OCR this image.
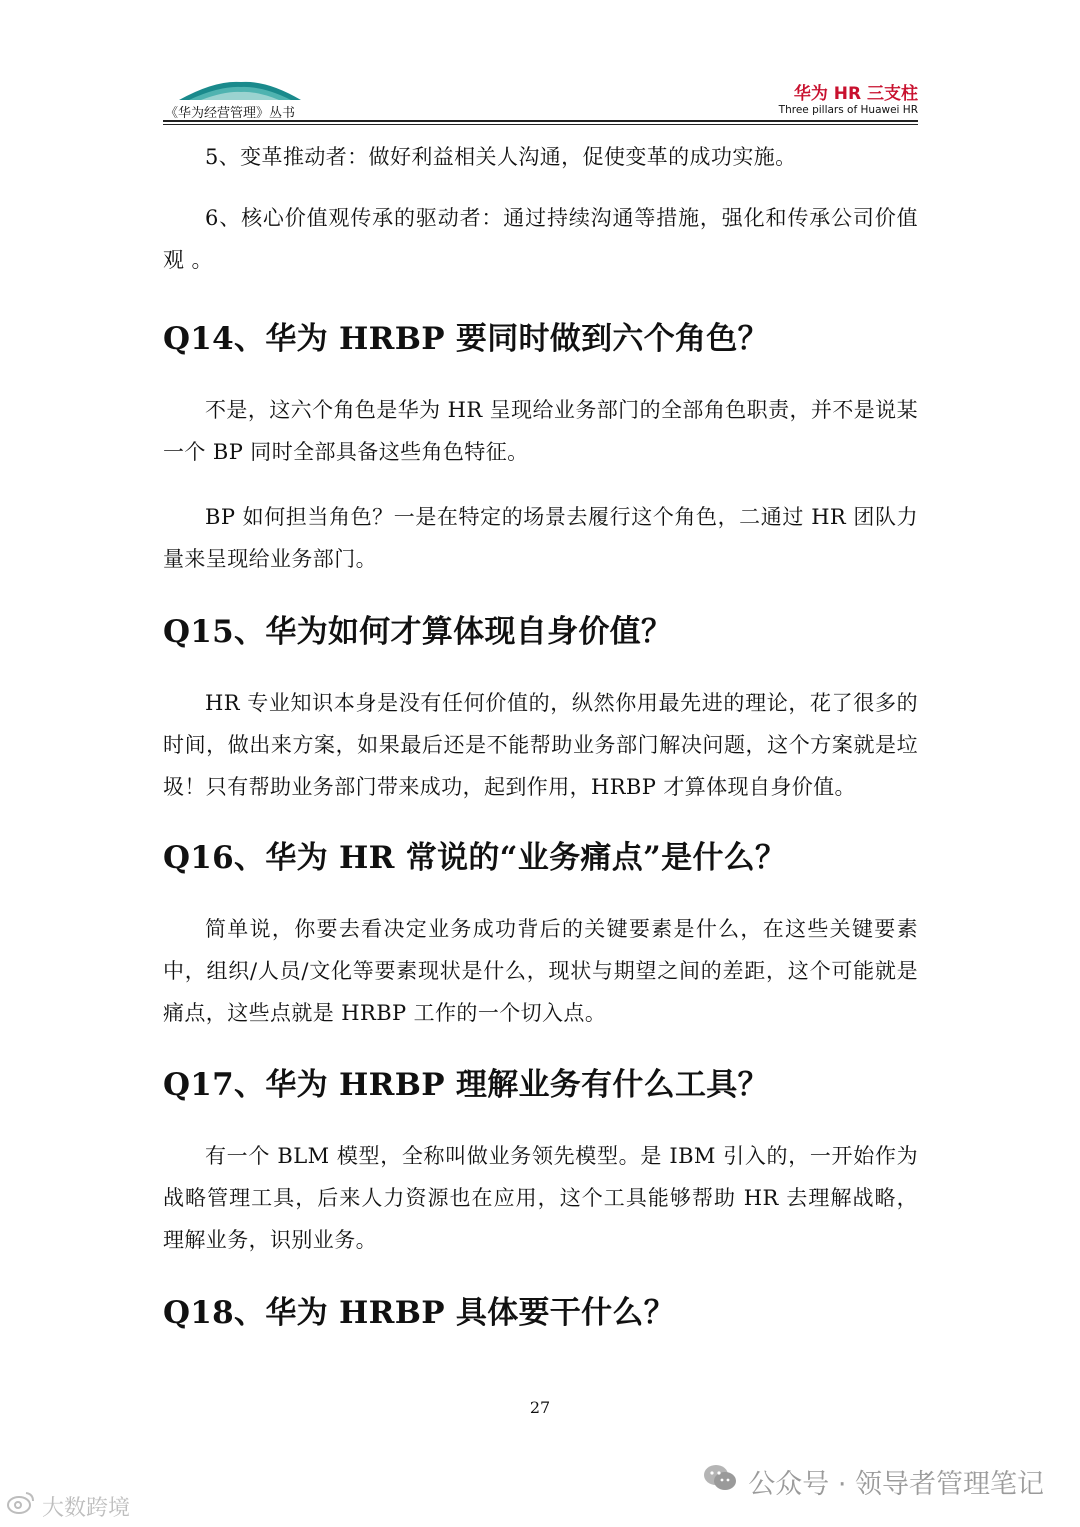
《华为经营管理》丛书
华为 HR 三支柱
Three pillars of Huawei HR

5、变革推动者：做好利益相关人沟通，促使变革的成功实施。

6、核心价值观传承的驱动者：通过持续沟通等措施，强化和传承公司价值观 。

Q14、华为 HRBP 要同时做到六个角色？

不是，这六个角色是华为 HR 呈现给业务部门的全部角色职责，并不是说某一个 BP 同时全部具备这些角色特征。

BP 如何担当角色？一是在特定的场景去履行这个角色，二通过 HR 团队力量来呈现给业务部门。

Q15、华为如何才算体现自身价值？

HR 专业知识本身是没有任何价值的，纵然你用最先进的理论，花了很多的时间，做出来方案，如果最后还是不能帮助业务部门解决问题，这个方案就是垃圾！只有帮助业务部门带来成功，起到作用，HRBP 才算体现自身价值。

Q16、华为 HR 常说的“业务痛点”是什么？

简单说，你要去看决定业务成功背后的关键要素是什么，在这些关键要素中，组织/人员/文化等要素现状是什么，现状与期望之间的差距，这个可能就是痛点，这些点就是 HRBP 工作的一个切入点。

Q17、华为 HRBP 理解业务有什么工具？

有一个 BLM 模型，全称叫做业务领先模型。是 IBM 引入的，一开始作为战略管理工具，后来人力资源也在应用，这个工具能够帮助 HR 去理解战略，理解业务，识别业务。

Q18、华为 HRBP 具体要干什么？
27
公众号 · 领导者管理笔记
大数跨境
